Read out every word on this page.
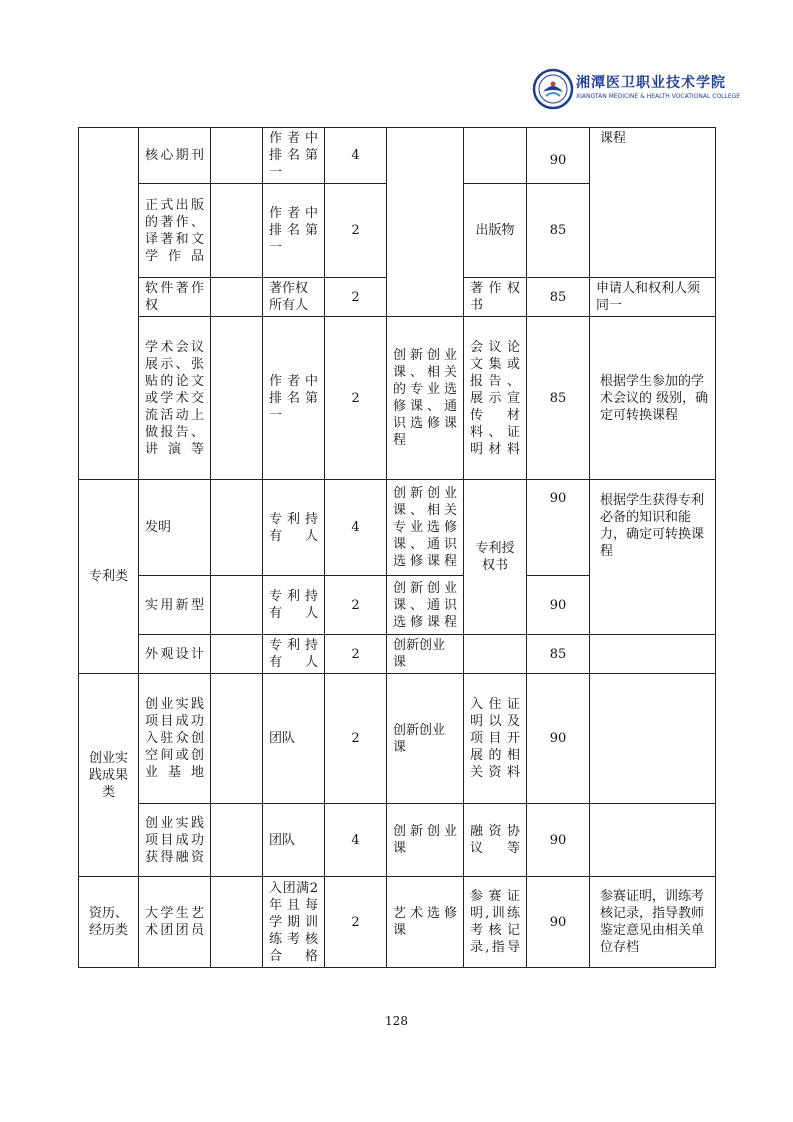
湘潭医卫职业技术学院
XIANGTAN MEDICINE & HEALTH VOCATIONAL COLLEGE
	核心期刊		作者中排名第一	4			90	课程
	正式出版的著作、译著和文学作品		作者中排名第一	2		出版物	85	
	软件著作权		著作权所有人	2		著作权书	85	申请人和权利人须同一
	学术会议展示、张贴的论文或学术交流活动上做报告、讲演等		作者中排名第一	2	创新创业课、相关的专业选修课、通识选修课程	会议论文集或报告、展示宣传材料、证明材料	85	根据学生参加的学术会议的 级别，确定可转换课程
专利类	发明		专利持有人	4	创新创业课、相关专业选修课、通识选修课程	专利授权书	90	根据学生获得专利必备的知识和能力，确定可转换课程
	实用新型		专利持有人	2	创新创业课、通识选修课程		90	
	外观设计		专利持有人	2	创新创业课		85	
创业实践成果类	创业实践项目成功入驻众创空间或创业基地		团队	2	创新创业课	入住证明以及项目开展的相关资料	90	
	创业实践项目成功获得融资		团队	4	创新创业课	融资协议等	90	
资历、经历类	大学生艺术团团员		入团满2年且每学期训练考核合格	2	艺术选修课	参赛证明,训练考核记录,指导	90	参赛证明，训练考核记录，指导教师鉴定意见由相关单位存档
128
